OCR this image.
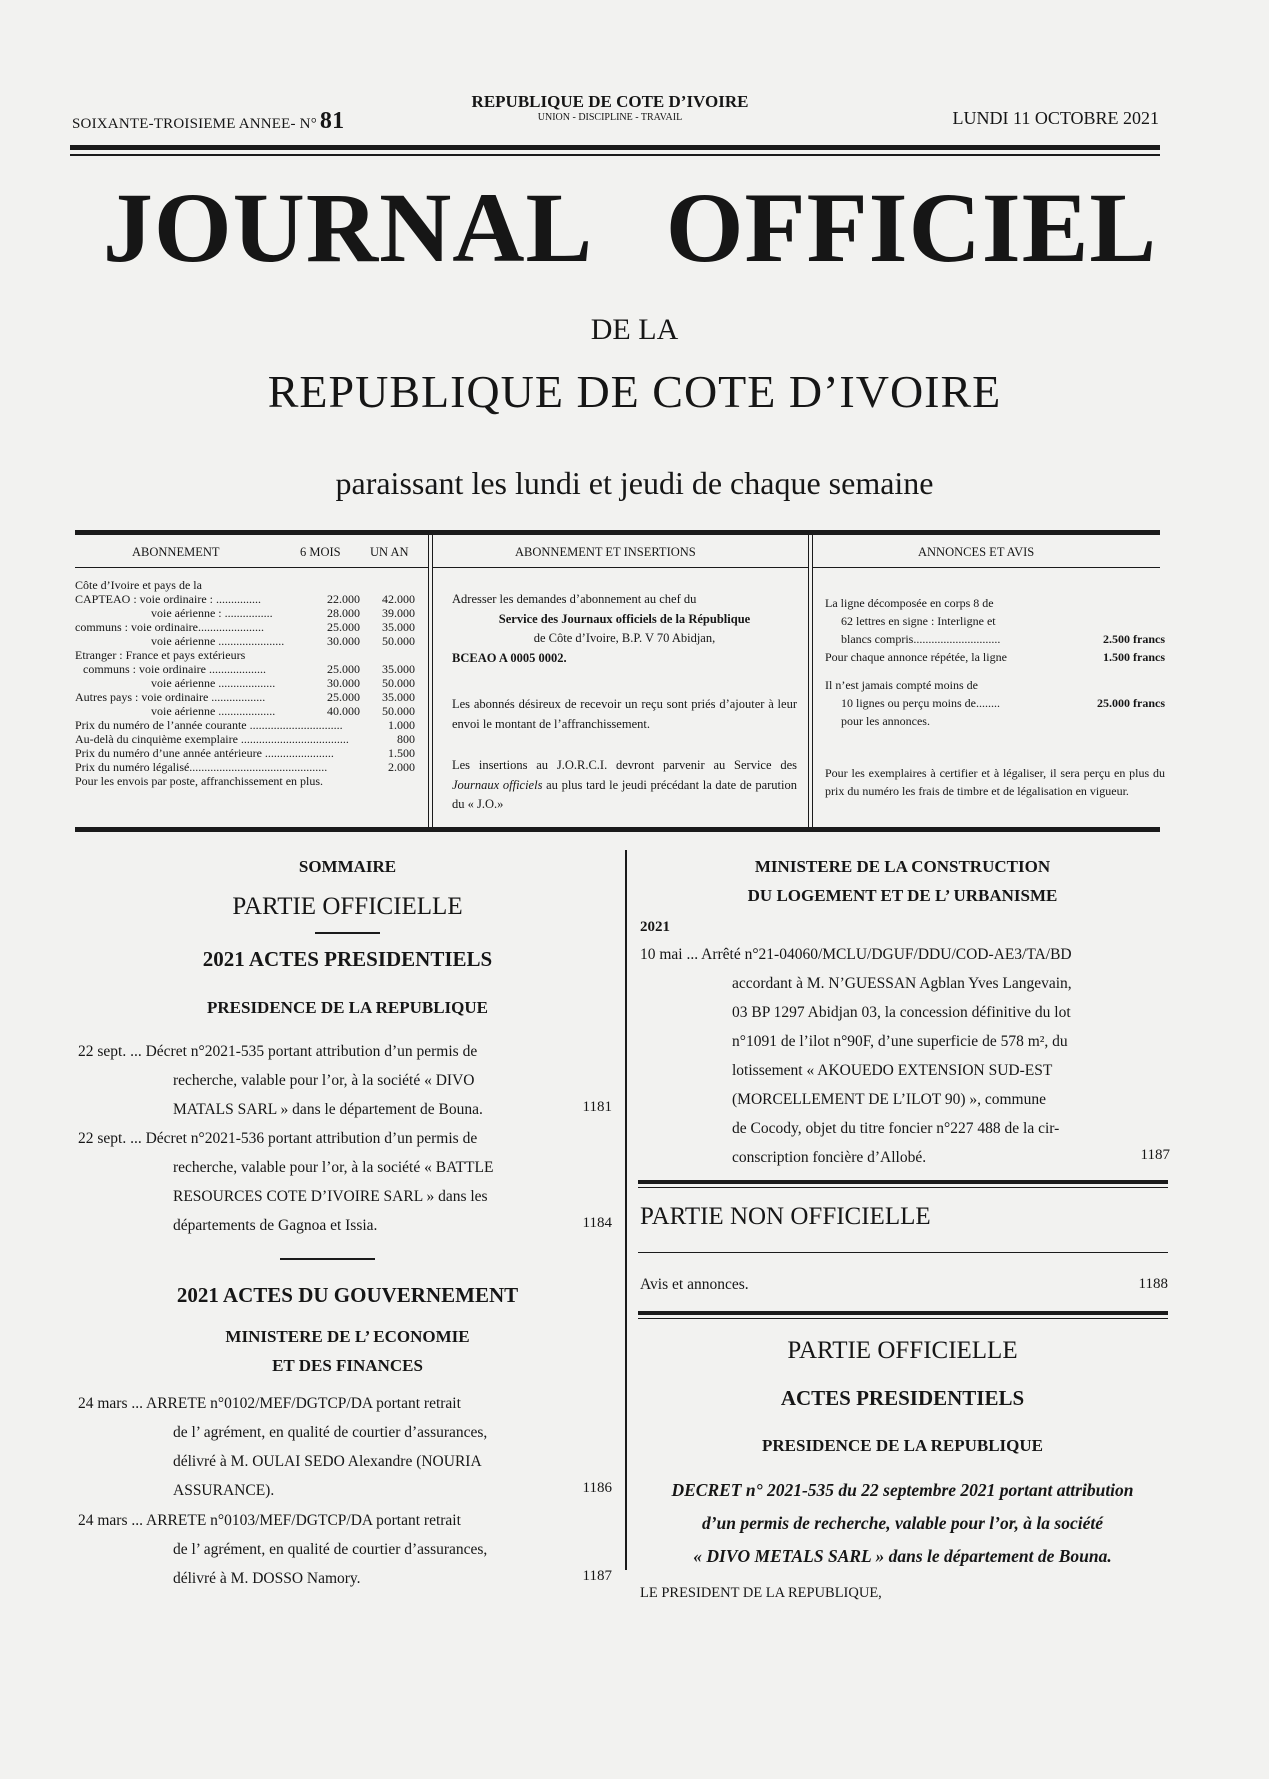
SOIXANTE-TROISIEME ANNEE- N° 81
REPUBLIQUE DE COTE D’IVOIRE
UNION - DISCIPLINE - TRAVAIL	LUNDI 11 OCTOBRE 2021
JOURNAL OFFICIEL
DE LA
REPUBLIQUE DE COTE D’IVOIRE
paraissant les lundi et jeudi de chaque semaine
ABONNEMENT	6 MOIS UN AN
Côte d’Ivoire et pays de la
CAPTEAO : voie ordinaire : ...............	22.000	42.000
voie aérienne : ................	28.000	39.000
communs : voie ordinaire......................	25.000	35.000
voie aérienne ......................	30.000	50.000
Etranger : France et pays extérieurs
communs : voie ordinaire ...................	25.000	35.000
voie aérienne ...................	30.000	50.000
Autres pays : voie ordinaire ..................	25.000	35.000
voie aérienne ...................	40.000	50.000
Prix du numéro de l’année courante ...............................	1.000
Au-delà du cinquième exemplaire ....................................	800
Prix du numéro d’une année antérieure .......................	1.500
Prix du numéro légalisé..............................................	2.000
Pour les envois par poste, affranchissement en plus.
ABONNEMENT ET INSERTIONS
Adresser les demandes d’abonnement au chef du
Service des Journaux officiels de la République
de Côte d’Ivoire, B.P. V 70 Abidjan,
BCEAO A 0005 0002.
Les abonnés désireux de recevoir un reçu sont priés d’ajouter à leur envoi le montant de l’affranchissement.
Les insertions au J.O.R.C.I. devront parvenir au Service des Journaux officiels au plus tard le jeudi précédant la date de parution du « J.O.»
ANNONCES ET AVIS
La ligne décomposée en corps 8 de
62 lettres en signe : Interligne et
blancs compris.............................	2.500 francs
Pour chaque annonce répétée, la ligne	1.500 francs
Il n’est jamais compté moins de
10 lignes ou perçu moins de........	25.000 francs
pour les annonces.
Pour les exemplaires à certifier et à légaliser, il sera perçu en plus du prix du numéro les frais de timbre et de légalisation en vigueur.
SOMMAIRE
PARTIE OFFICIELLE
2021 ACTES PRESIDENTIELS
PRESIDENCE DE LA REPUBLIQUE
22 sept. ... Décret n°2021-535 portant attribution d’un permis de
recherche, valable pour l’or, à la société « DIVO
MATALS SARL » dans le département de Bouna.	1181
22 sept. ... Décret n°2021-536 portant attribution d’un permis de
recherche, valable pour l’or, à la société « BATTLE
RESOURCES COTE D’IVOIRE SARL » dans les
départements de Gagnoa et Issia.	1184
2021 ACTES DU GOUVERNEMENT
MINISTERE DE L’ ECONOMIE
ET DES FINANCES
24 mars ... ARRETE n°0102/MEF/DGTCP/DA portant retrait
de l’ agrément, en qualité de courtier d’assurances,
délivré à M. OULAI SEDO Alexandre (NOURIA
ASSURANCE).	1186
24 mars ... ARRETE n°0103/MEF/DGTCP/DA portant retrait
de l’ agrément, en qualité de courtier d’assurances,
délivré à M. DOSSO Namory.	1187
MINISTERE DE LA CONSTRUCTION
DU LOGEMENT ET DE L’ URBANISME
2021
10 mai ... Arrêté n°21-04060/MCLU/DGUF/DDU/COD-AE3/TA/BD
accordant à M. N’GUESSAN Agblan Yves Langevain,
03 BP 1297 Abidjan 03, la concession définitive du lot
n°1091 de l’ilot n°90F, d’une superficie de 578 m², du
lotissement « AKOUEDO EXTENSION SUD-EST
(MORCELLEMENT DE L’ILOT 90) », commune
de Cocody, objet du titre foncier n°227 488 de la cir-
conscription foncière d’Allobé.	1187
PARTIE NON OFFICIELLE
Avis et annonces.	1188
PARTIE OFFICIELLE
ACTES PRESIDENTIELS
PRESIDENCE DE LA REPUBLIQUE
DECRET n° 2021-535 du 22 septembre 2021 portant attribution
d’un permis de recherche, valable pour l’or, à la société
« DIVO METALS SARL » dans le département de Bouna.
LE PRESIDENT DE LA REPUBLIQUE,
